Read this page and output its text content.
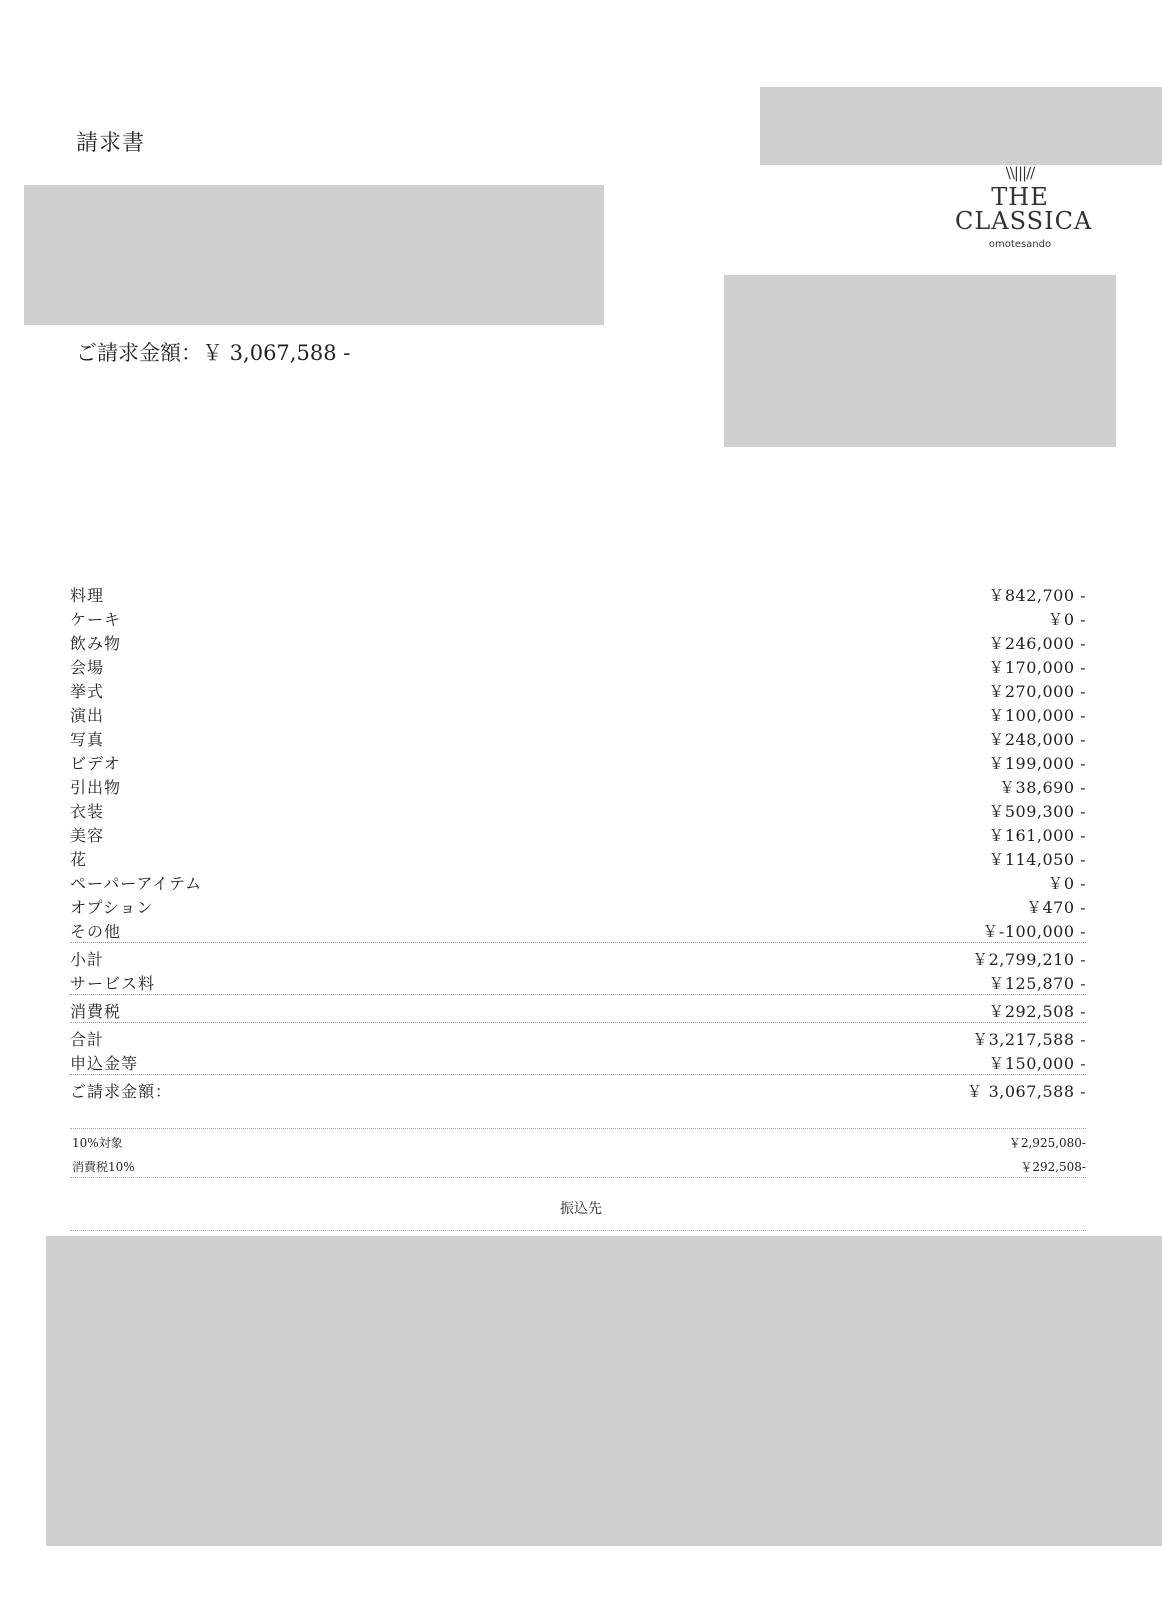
請求書
ご請求金額：￥ 3,067,588 -
\\|||//
THE
CLASSICA
omotesando
料理	￥842,700 -
ケーキ	￥0 -
飲み物	￥246,000 -
会場	￥170,000 -
挙式	￥270,000 -
演出	￥100,000 -
写真	￥248,000 -
ビデオ	￥199,000 -
引出物	￥38,690 -
衣装	￥509,300 -
美容	￥161,000 -
花	￥114,050 -
ペーパーアイテム	￥0 -
オプション	￥470 -
その他	￥-100,000 -
小計	￥2,799,210 -
サービス料	￥125,870 -
消費税	￥292,508 -
合計	￥3,217,588 -
申込金等	￥150,000 -
ご請求金額：	￥ 3,067,588 -
10%対象	￥2,925,080-
消費税10%	￥292,508-
振込先
